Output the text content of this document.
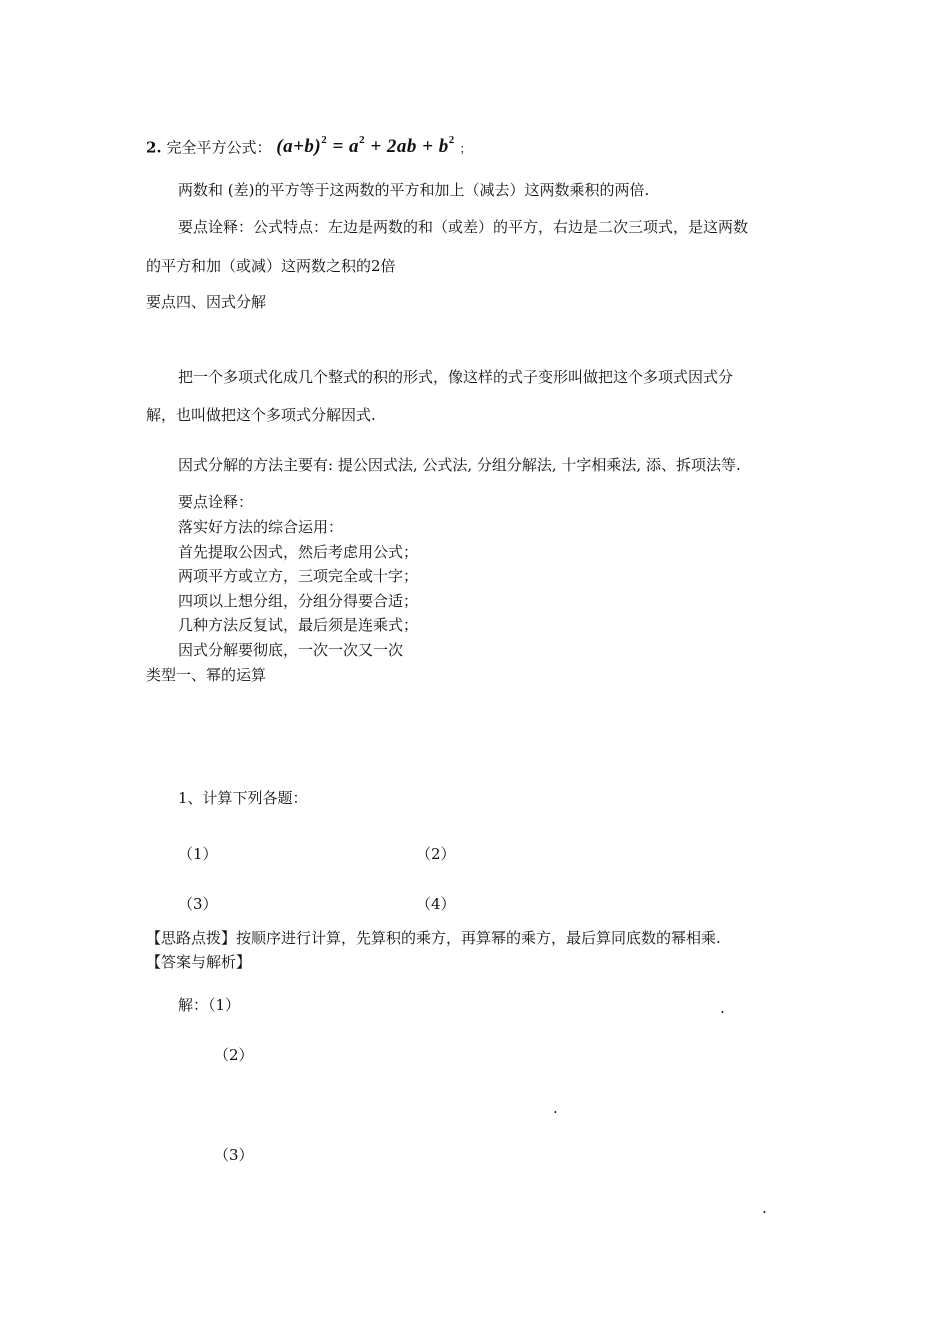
2. 完全平方公式： $(a+b)^2 = a^2 + 2ab + b^2$ ；
两数和 (差)的平方等于这两数的平方和加上（减去）这两数乘积的两倍.
要点诠释：公式特点：左边是两数的和（或差）的平方，右边是二次三项式，是这两数
的平方和加（或减）这两数之积的2倍
要点四、因式分解
把一个多项式化成几个整式的积的形式，像这样的式子变形叫做把这个多项式因式分
解，也叫做把这个多项式分解因式.
因式分解的方法主要有: 提公因式法, 公式法, 分组分解法, 十字相乘法, 添、拆项法等.
要点诠释：
落实好方法的综合运用：
首先提取公因式，然后考虑用公式；
两项平方或立方，三项完全或十字；
四项以上想分组，分组分得要合适；
几种方法反复试，最后须是连乘式；
因式分解要彻底，一次一次又一次
类型一、幂的运算
1、计算下列各题：
（1）	（2）
（3）	（4）
【思路点拨】按顺序进行计算，先算积的乘方，再算幂的乘方，最后算同底数的幂相乘.
【答案与解析】
解：（1）	.
（2）
.
（3）
.
